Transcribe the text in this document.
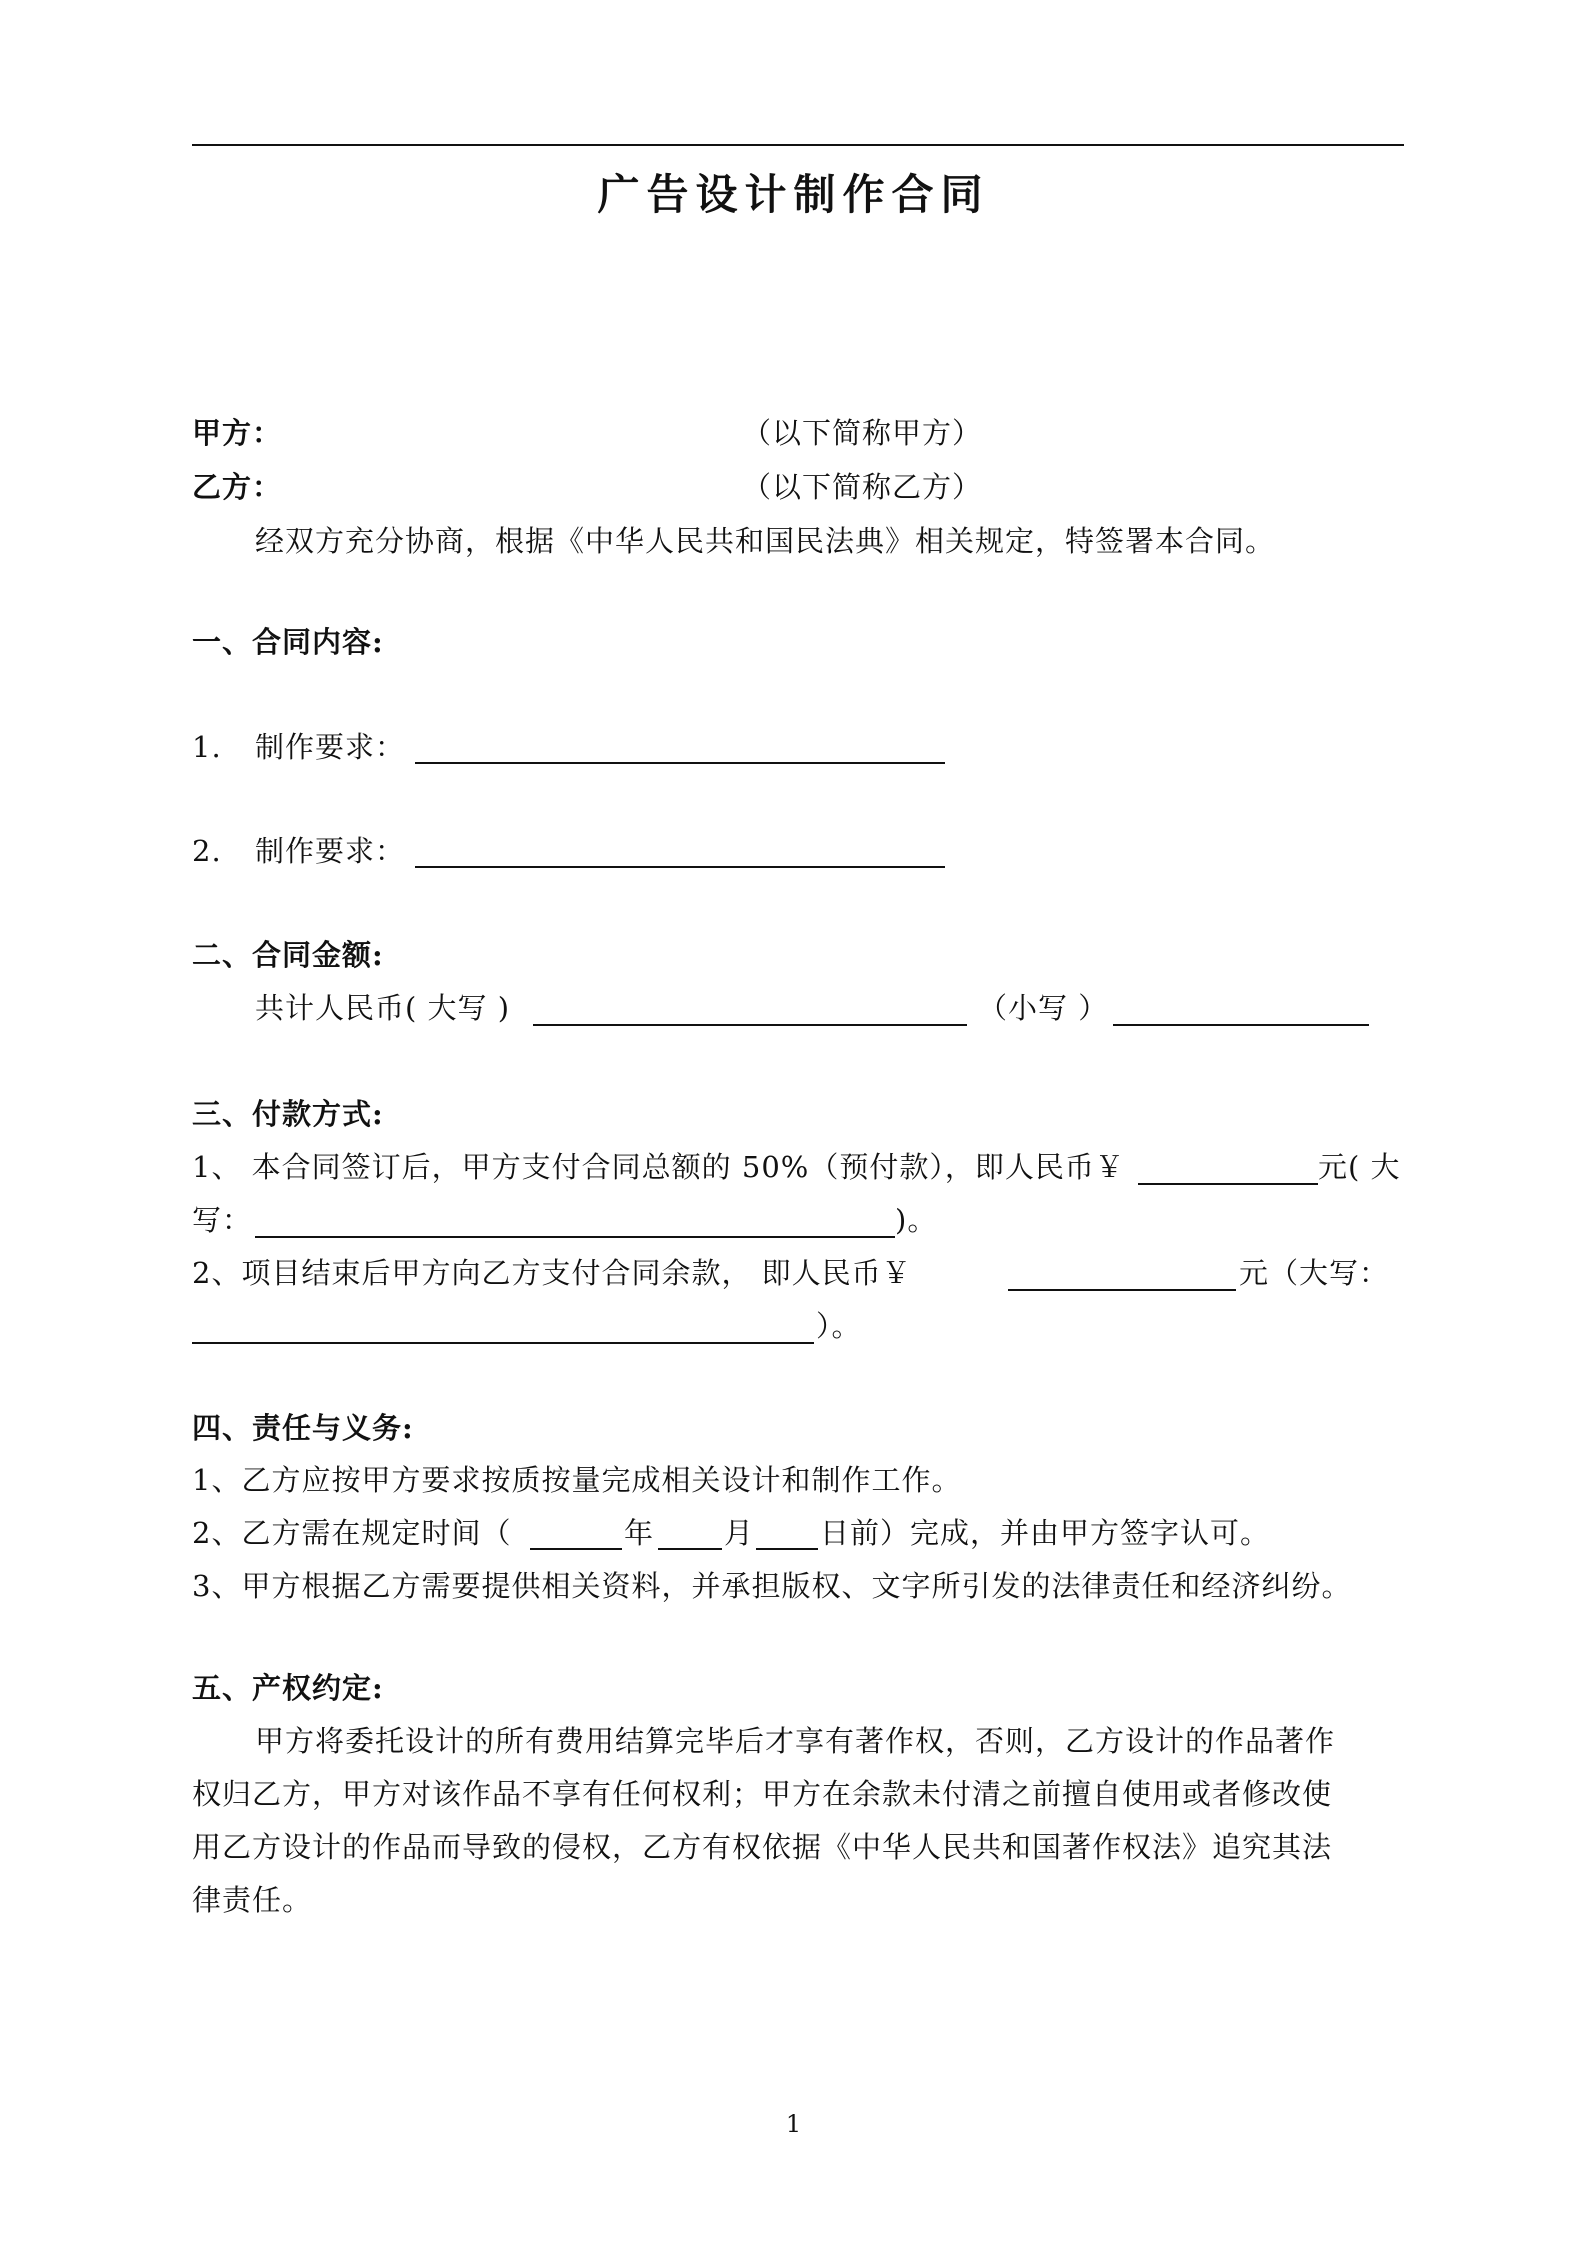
广告设计制作合同
甲方：	（以下简称甲方）
乙方：	（以下简称乙方）
经双方充分协商，根据《中华人民共和国民法典》相关规定，特签署本合同。
一、合同内容:
1. 制作要求：
2. 制作要求：
二、合同金额:
共计人民币( 大写 )	（小写 ）
三、付款方式:
1、 本合同签订后，甲方支付合同总额的 50%（预付款），即人民币￥	元( 大
写：	)。
2、项目结束后甲方向乙方支付合同余款， 即人民币￥	元（大写：
）。
四、责任与义务:
1、乙方应按甲方要求按质按量完成相关设计和制作工作。
2、乙方需在规定时间（	年 月 日前）完成，并由甲方签字认可。
3、甲方根据乙方需要提供相关资料，并承担版权、文字所引发的法律责任和经济纠纷。
五、产权约定:
甲方将委托设计的所有费用结算完毕后才享有著作权，否则，乙方设计的作品著作
权归乙方，甲方对该作品不享有任何权利；甲方在余款未付清之前擅自使用或者修改使
用乙方设计的作品而导致的侵权，乙方有权依据《中华人民共和国著作权法》追究其法
律责任。
1
